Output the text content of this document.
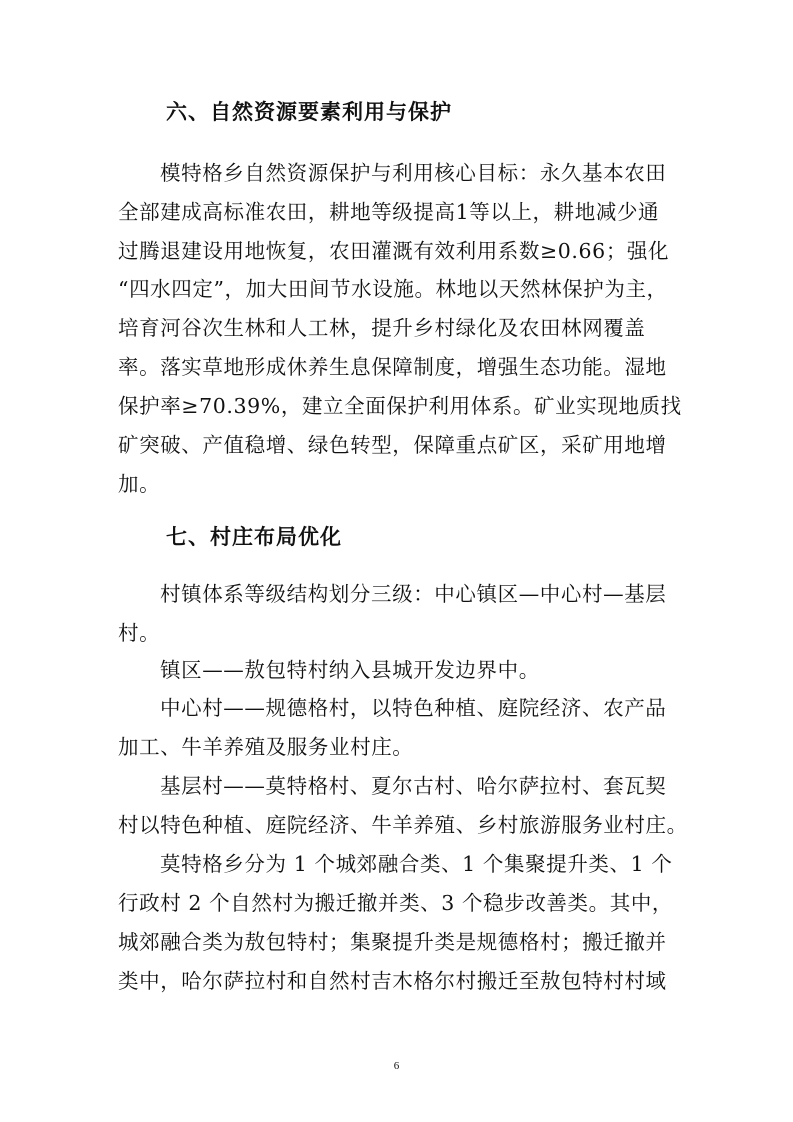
六、自然资源要素利用与保护

模特格乡自然资源保护与利用核心目标：永久基本农田

全部建成高标准农田，耕地等级提高1等以上，耕地减少通

过腾退建设用地恢复，农田灌溉有效利用系数≥0.66；强化

“四水四定”，加大田间节水设施。林地以天然林保护为主，

培育河谷次生林和人工林，提升乡村绿化及农田林网覆盖

率。落实草地形成休养生息保障制度，增强生态功能。湿地

保护率≥70.39%，建立全面保护利用体系。矿业实现地质找

矿突破、产值稳增、绿色转型，保障重点矿区，采矿用地增

加。

七、村庄布局优化

村镇体系等级结构划分三级：中心镇区—中心村—基层

村。

镇区——敖包特村纳入县城开发边界中。

中心村——规德格村，以特色种植、庭院经济、农产品

加工、牛羊养殖及服务业村庄。

基层村——莫特格村、夏尔古村、哈尔萨拉村、套瓦契

村以特色种植、庭院经济、牛羊养殖、乡村旅游服务业村庄。

莫特格乡分为 1 个城郊融合类、1 个集聚提升类、1 个

行政村 2 个自然村为搬迁撤并类、3 个稳步改善类。其中，

城郊融合类为敖包特村；集聚提升类是规德格村；搬迁撤并

类中，哈尔萨拉村和自然村吉木格尔村搬迁至敖包特村村域

6
